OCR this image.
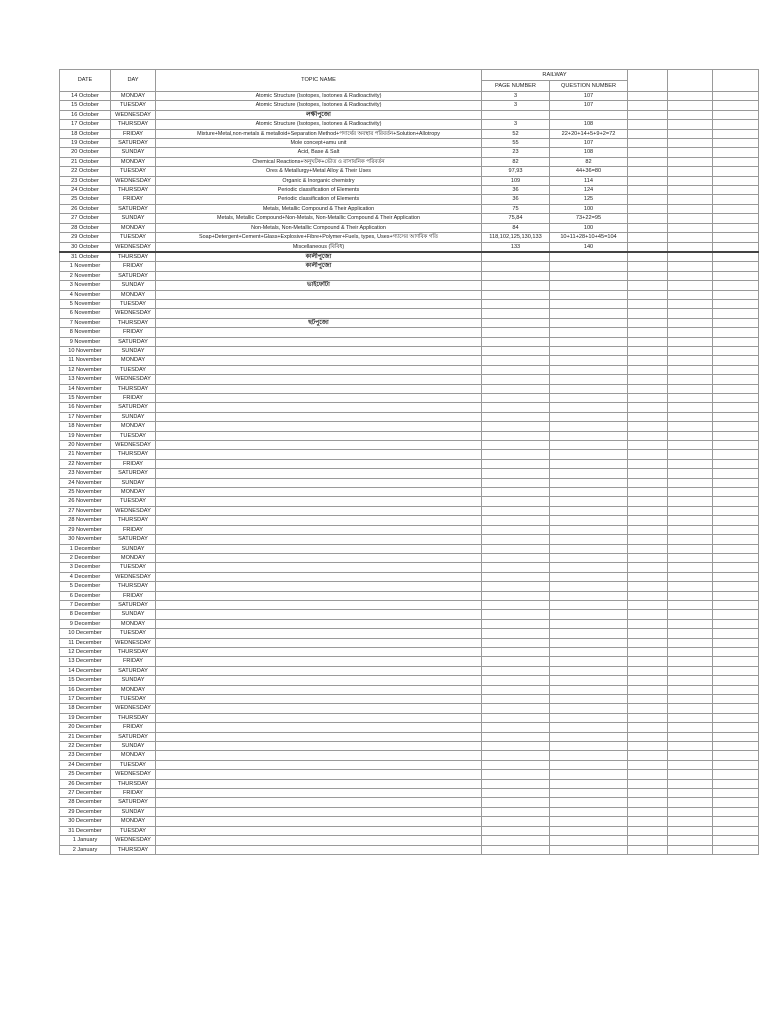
DATE	DAY	TOPIC NAME	RAILWAY				
			PAGE NUMBER	QUESTION NUMBER			
14 October	MONDAY	Atomic Structure (Isotopes, Isotones & Radioactivity)	3	107			
15 October	TUESDAY	Atomic Structure (Isotopes, Isotones & Radioactivity)	3	107			
16 October	WEDNESDAY	লক্ষীপুজো					
17 October	THURSDAY	Atomic Structure (Isotopes, Isotones & Radioactivity)	3	108			
18 October	FRIDAY	Mixture+Metal,non-metals & metalloid+Separation Method+পদার্থের অবস্থার পরিবর্তন+Solution+Allotropy	52	22+20+14+5+9+2=72			
19 October	SATURDAY	Mole concept+amu unit	55	107			
20 October	SUNDAY	Acid, Base & Salt	23	108			
21 October	MONDAY	Chemical Reactions+অনুঘটক+ভৌত ও রাসায়নিক পরিবর্তন	82	82			
22 October	TUESDAY	Ores & Metallurgy+Metal Alloy & Their Uses	97,93	44+36=80			
23 October	WEDNESDAY	Organic & Inorganic chemistry	109	114			
24 October	THURSDAY	Periodic classification of Elements	36	124			
25 October	FRIDAY	Periodic classification of Elements	36	125			
26 October	SATURDAY	Metals, Metallic Compound & Their Application	75	100			
27 October	SUNDAY	Metals, Metallic Compound+Non-Metals, Non-Metallic Compound & Their Application	75,84	73+22=95			
28 October	MONDAY	Non-Metals, Non-Metallic Compound & Their Application	84	100			
29 October	TUESDAY	Soap+Detergent+Cement+Glass+Explosive+Fibre+Polymer+Fuels, types, Uses+গ্যাসের আণবিক গতি	118,102,125,130,133	10+11+28+10+45=104			
30 October	WEDNESDAY	Miscellaneous (বিবিধ)	133	140			
31 October	THURSDAY	কালীপুজো					
1 November	FRIDAY	কালীপুজো					
2 November	SATURDAY						
3 November	SUNDAY	ভাইফোঁটা					
4 November	MONDAY						
5 November	TUESDAY						
6 November	WEDNESDAY						
7 November	THURSDAY	ছটপুজো					
8 November	FRIDAY						
9 November	SATURDAY						
10 November	SUNDAY						
11 November	MONDAY						
12 November	TUESDAY						
13 November	WEDNESDAY						
14 November	THURSDAY						
15 November	FRIDAY						
16 November	SATURDAY						
17 November	SUNDAY						
18 November	MONDAY						
19 November	TUESDAY						
20 November	WEDNESDAY						
21 November	THURSDAY						
22 November	FRIDAY						
23 November	SATURDAY						
24 November	SUNDAY						
25 November	MONDAY						
26 November	TUESDAY						
27 November	WEDNESDAY						
28 November	THURSDAY						
29 November	FRIDAY						
30 November	SATURDAY						
1 December	SUNDAY						
2 December	MONDAY						
3 December	TUESDAY						
4 December	WEDNESDAY						
5 December	THURSDAY						
6 December	FRIDAY						
7 December	SATURDAY						
8 December	SUNDAY						
9 December	MONDAY						
10 December	TUESDAY						
11 December	WEDNESDAY						
12 December	THURSDAY						
13 December	FRIDAY						
14 December	SATURDAY						
15 December	SUNDAY						
16 December	MONDAY						
17 December	TUESDAY						
18 December	WEDNESDAY						
19 December	THURSDAY						
20 December	FRIDAY						
21 December	SATURDAY						
22 December	SUNDAY						
23 December	MONDAY						
24 December	TUESDAY						
25 December	WEDNESDAY						
26 December	THURSDAY						
27 December	FRIDAY						
28 December	SATURDAY						
29 December	SUNDAY						
30 December	MONDAY						
31 December	TUESDAY						
1 January	WEDNESDAY						
2 January	THURSDAY						
